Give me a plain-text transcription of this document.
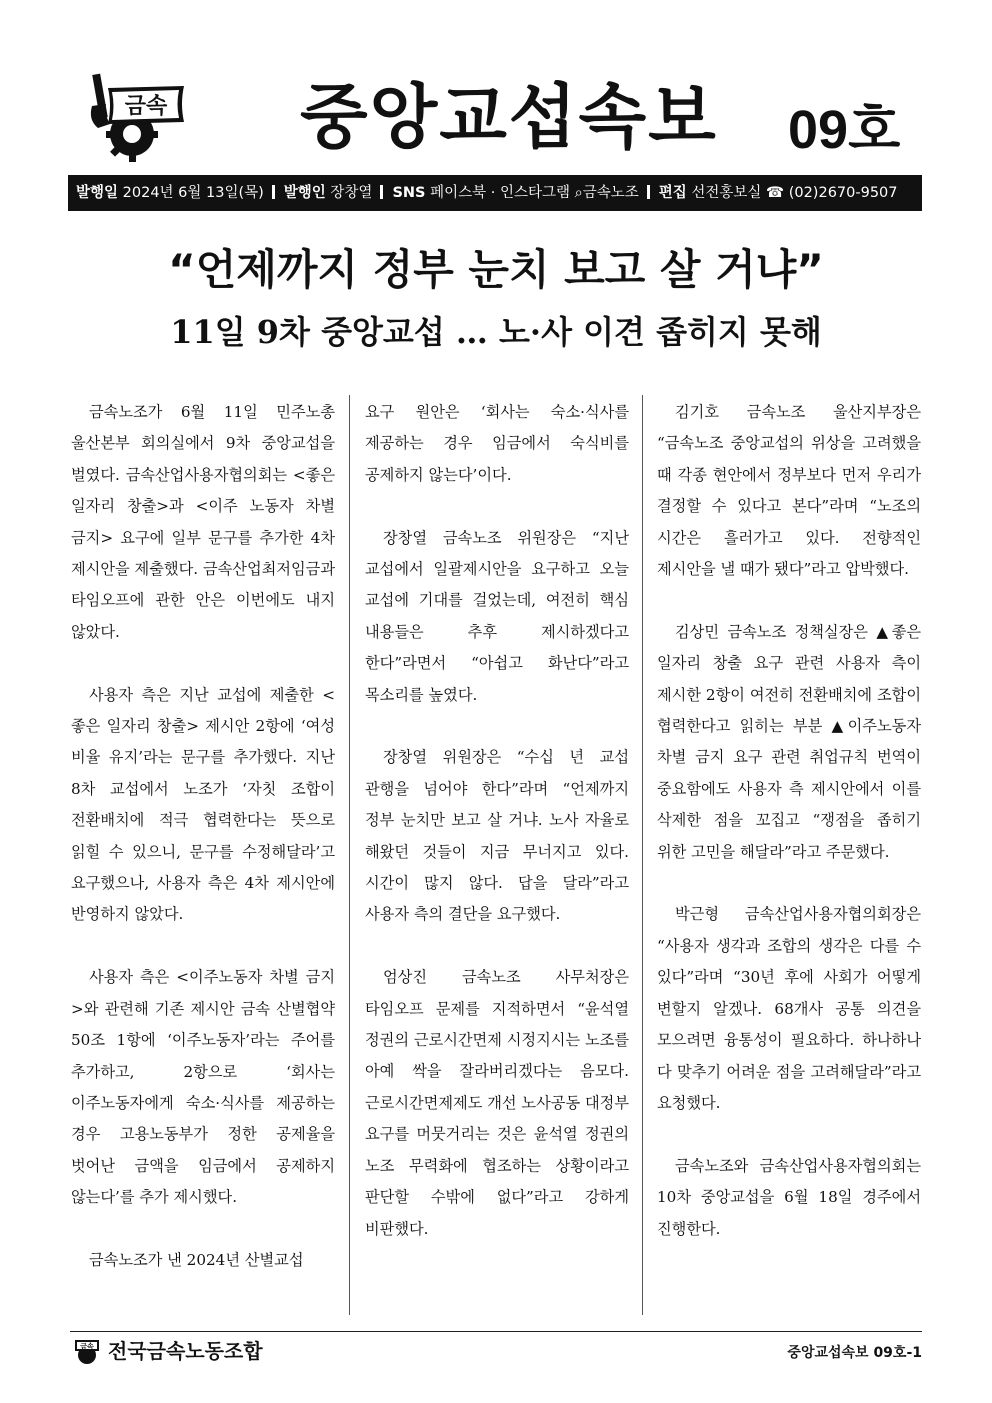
금속 중앙교섭속보 09호
발행일 2024년 6월 13일(목) 발행인 장창열 SNS 페이스북 · 인스타그램 ⌕금속노조 편집 선전홍보실 ☎ (02)2670-9507
“언제까지 정부 눈치 보고 살 거냐”
11일 9차 중앙교섭 … 노·사 이견 좁히지 못해

금속노조가 6월 11일 민주노총 울산본부 회의실에서 9차 중앙교섭을 벌였다. 금속산업사용자협의회는 <좋은 일자리 창출>과 <이주 노동자 차별 금지> 요구에 일부 문구를 추가한 4차 제시안을 제출했다. 금속산업최저임금과 타임오프에 관한 안은 이번에도 내지 않았다.

사용자 측은 지난 교섭에 제출한 <좋은 일자리 창출> 제시안 2항에 ‘여성 비율 유지’라는 문구를 추가했다. 지난 8차 교섭에서 노조가 ‘자칫 조합이 전환배치에 적극 협력한다는 뜻으로 읽힐 수 있으니, 문구를 수정해달라’고 요구했으나, 사용자 측은 4차 제시안에 반영하지 않았다.

사용자 측은 <이주노동자 차별 금지>와 관련해 기존 제시안 금속 산별협약 50조 1항에 ‘이주노동자’라는 주어를 추가하고, 2항으로 ‘회사는 이주노동자에게 숙소·식사를 제공하는 경우 고용노동부가 정한 공제율을 벗어난 금액을 임금에서 공제하지 않는다’를 추가 제시했다.

금속노조가 낸 2024년 산별교섭

요구 원안은 ‘회사는 숙소·식사를 제공하는 경우 임금에서 숙식비를 공제하지 않는다’이다.

장창열 금속노조 위원장은 “지난 교섭에서 일괄제시안을 요구하고 오늘 교섭에 기대를 걸었는데, 여전히 핵심 내용들은 추후 제시하겠다고 한다”라면서 “아쉽고 화난다”라고 목소리를 높였다.

장창열 위원장은 “수십 년 교섭 관행을 넘어야 한다”라며 “언제까지 정부 눈치만 보고 살 거냐. 노사 자율로 해왔던 것들이 지금 무너지고 있다. 시간이 많지 않다. 답을 달라”라고 사용자 측의 결단을 요구했다.

엄상진 금속노조 사무처장은 타임오프 문제를 지적하면서 “윤석열 정권의 근로시간면제 시정지시는 노조를 아예 싹을 잘라버리겠다는 음모다. 근로시간면제제도 개선 노사공동 대정부 요구를 머뭇거리는 것은 윤석열 정권의 노조 무력화에 협조하는 상황이라고 판단할 수밖에 없다”라고 강하게 비판했다.

김기호 금속노조 울산지부장은 “금속노조 중앙교섭의 위상을 고려했을 때 각종 현안에서 정부보다 먼저 우리가 결정할 수 있다고 본다”라며 “노조의 시간은 흘러가고 있다. 전향적인 제시안을 낼 때가 됐다”라고 압박했다.

김상민 금속노조 정책실장은 ▲좋은 일자리 창출 요구 관련 사용자 측이 제시한 2항이 여전히 전환배치에 조합이 협력한다고 읽히는 부분 ▲이주노동자 차별 금지 요구 관련 취업규칙 번역이 중요함에도 사용자 측 제시안에서 이를 삭제한 점을 꼬집고 “쟁점을 좁히기 위한 고민을 해달라”라고 주문했다.

박근형 금속산업사용자협의회장은 “사용자 생각과 조합의 생각은 다를 수 있다”라며 “30년 후에 사회가 어떻게 변할지 알겠나. 68개사 공통 의견을 모으려면 융통성이 필요하다. 하나하나 다 맞추기 어려운 점을 고려해달라”라고 요청했다.

금속노조와 금속산업사용자협의회는 10차 중앙교섭을 6월 18일 경주에서 진행한다.

금속 전국금속노동조합	중앙교섭속보 09호-1
